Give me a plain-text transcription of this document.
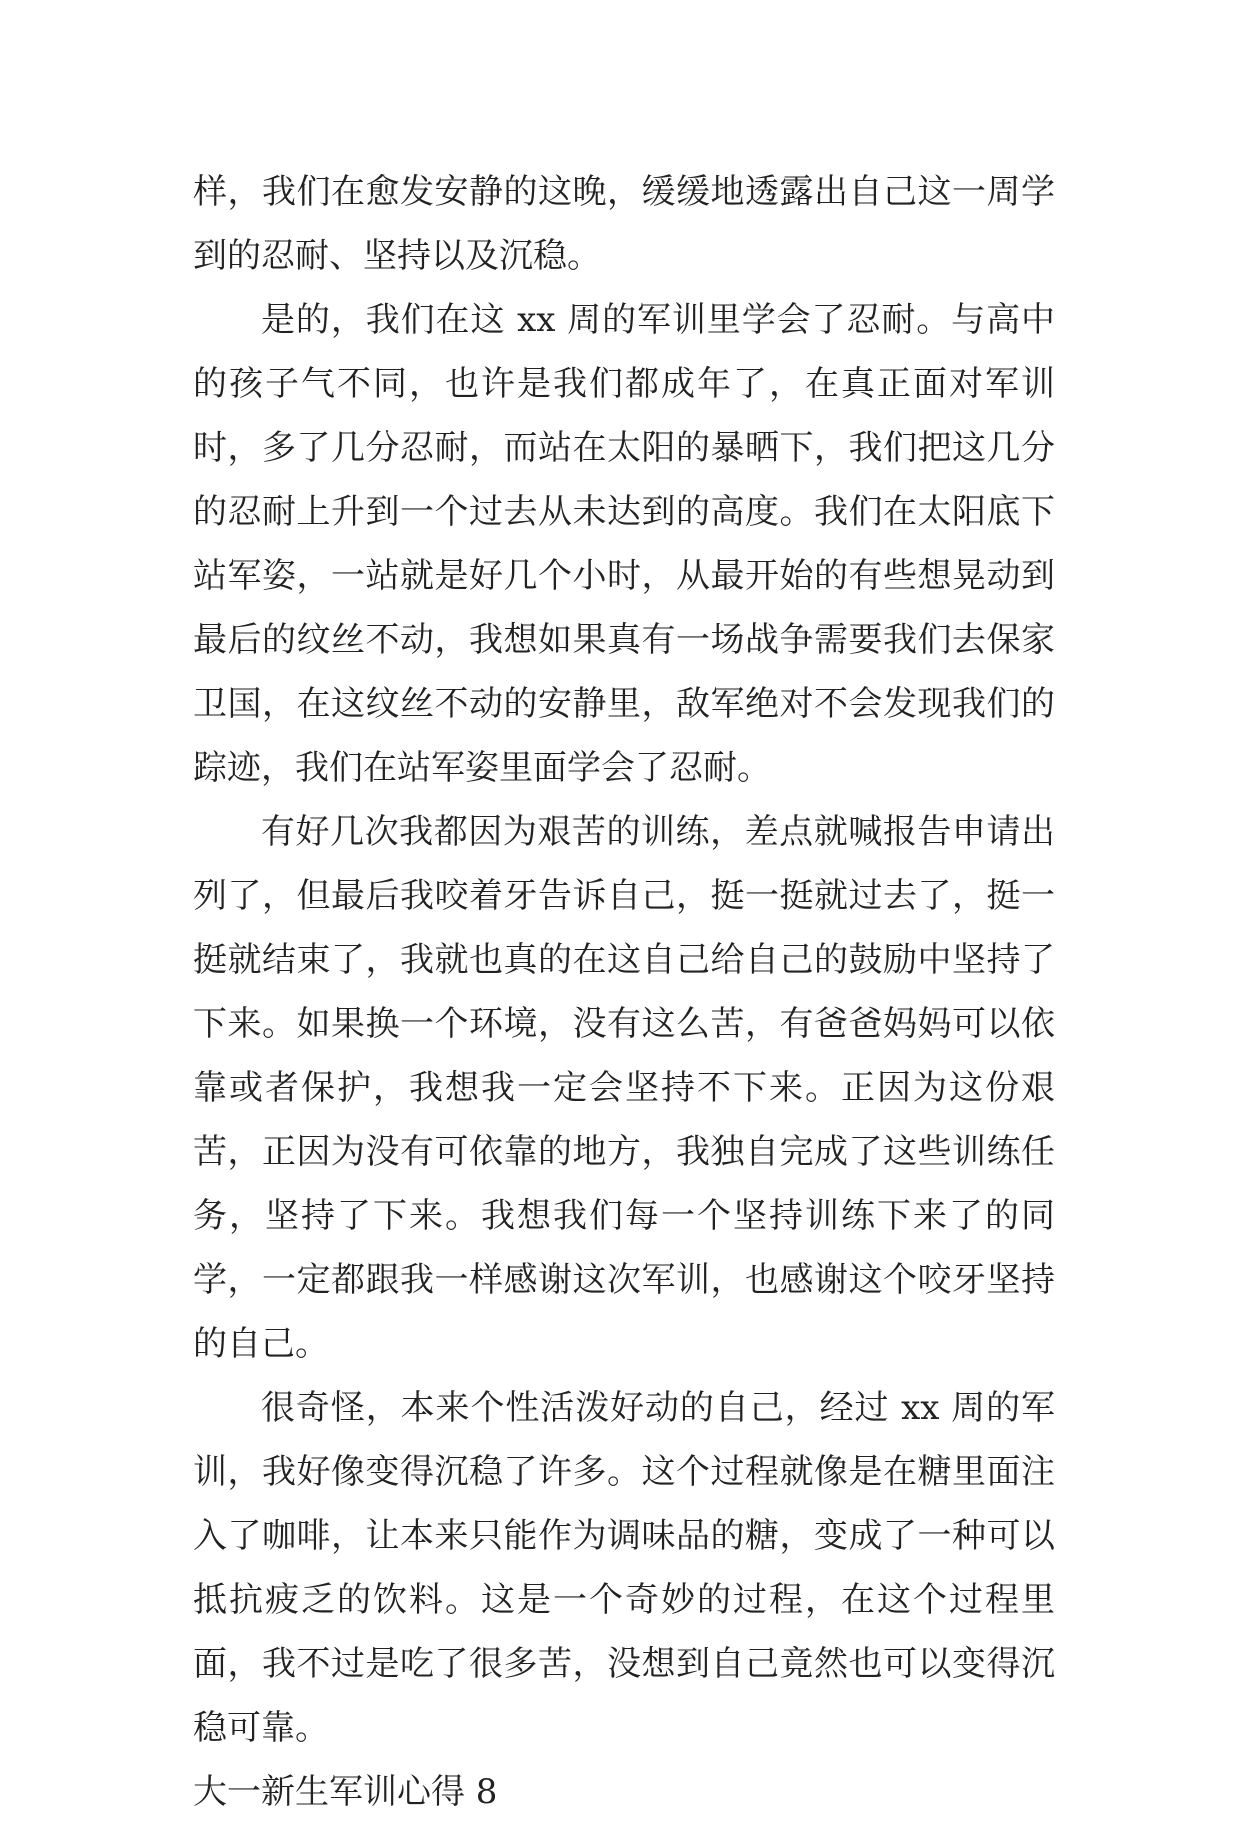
样，我们在愈发安静的这晚，缓缓地透露出自己这一周学到的忍耐、坚持以及沉稳。

是的，我们在这 xx 周的军训里学会了忍耐。与高中的孩子气不同，也许是我们都成年了，在真正面对军训时，多了几分忍耐，而站在太阳的暴晒下，我们把这几分的忍耐上升到一个过去从未达到的高度。我们在太阳底下站军姿，一站就是好几个小时，从最开始的有些想晃动到最后的纹丝不动，我想如果真有一场战争需要我们去保家卫国，在这纹丝不动的安静里，敌军绝对不会发现我们的踪迹，我们在站军姿里面学会了忍耐。

有好几次我都因为艰苦的训练，差点就喊报告申请出列了，但最后我咬着牙告诉自己，挺一挺就过去了，挺一挺就结束了，我就也真的在这自己给自己的鼓励中坚持了下来。如果换一个环境，没有这么苦，有爸爸妈妈可以依靠或者保护，我想我一定会坚持不下来。正因为这份艰苦，正因为没有可依靠的地方，我独自完成了这些训练任务，坚持了下来。我想我们每一个坚持训练下来了的同学，一定都跟我一样感谢这次军训，也感谢这个咬牙坚持的自己。

很奇怪，本来个性活泼好动的自己，经过 xx 周的军训，我好像变得沉稳了许多。这个过程就像是在糖里面注入了咖啡，让本来只能作为调味品的糖，变成了一种可以抵抗疲乏的饮料。这是一个奇妙的过程，在这个过程里面，我不过是吃了很多苦，没想到自己竟然也可以变得沉稳可靠。

大一新生军训心得 8
